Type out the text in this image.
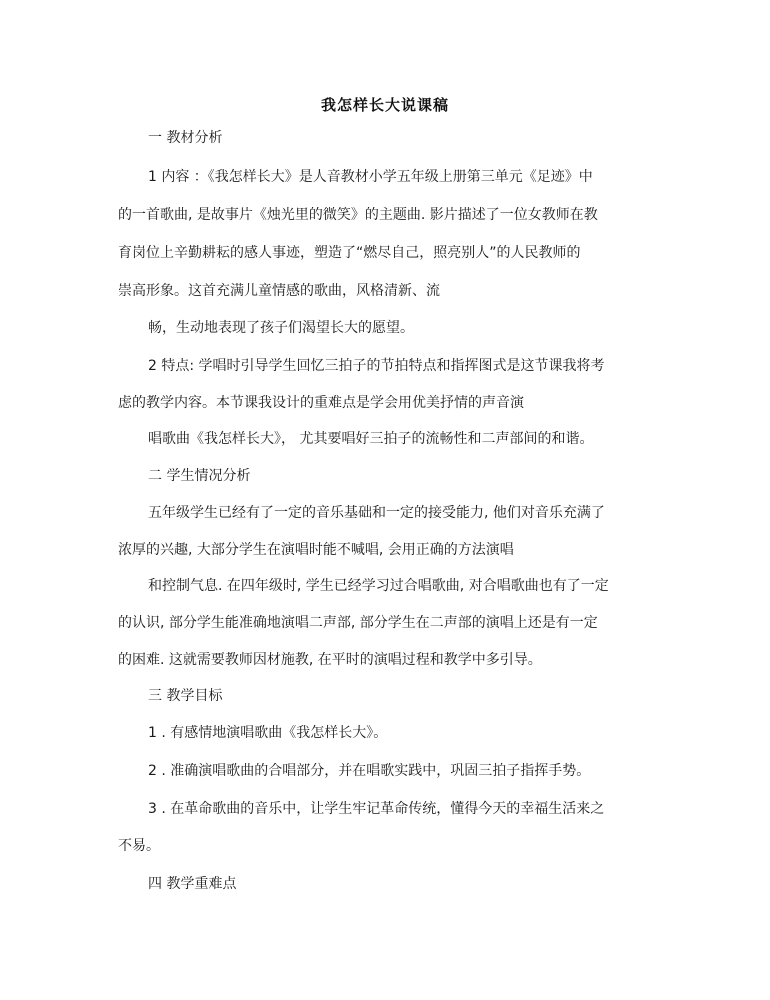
我怎样长大说课稿
一 教材分析
1 内容 ：《我怎样长大》是人音教材小学五年级上册第三单元《足迹》中
的一首歌曲, 是故事片《烛光里的微笑》的主题曲. 影片描述了一位女教师在教
育岗位上辛勤耕耘的感人事迹，塑造了“燃尽自己，照亮别人”的人民教师的
崇高形象。这首充满儿童情感的歌曲，风格清新、流
畅，生动地表现了孩子们渴望长大的愿望。
2 特点: 学唱时引导学生回忆三拍子的节拍特点和指挥图式是这节课我将考
虑的教学内容。本节课我设计的重难点是学会用优美抒情的声音演
唱歌曲《我怎样长大》， 尤其要唱好三拍子的流畅性和二声部间的和谐。
二 学生情况分析
五年级学生已经有了一定的音乐基础和一定的接受能力, 他们对音乐充满了
浓厚的兴趣, 大部分学生在演唱时能不喊唱, 会用正确的方法演唱
和控制气息. 在四年级时, 学生已经学习过合唱歌曲, 对合唱歌曲也有了一定
的认识, 部分学生能准确地演唱二声部, 部分学生在二声部的演唱上还是有一定
的困难. 这就需要教师因材施教, 在平时的演唱过程和教学中多引导。
三 教学目标
1 . 有感情地演唱歌曲《我怎样长大》。
2 . 准确演唱歌曲的合唱部分，并在唱歌实践中，巩固三拍子指挥手势。
3 . 在革命歌曲的音乐中，让学生牢记革命传统，懂得今天的幸福生活来之
不易。
四 教学重难点
